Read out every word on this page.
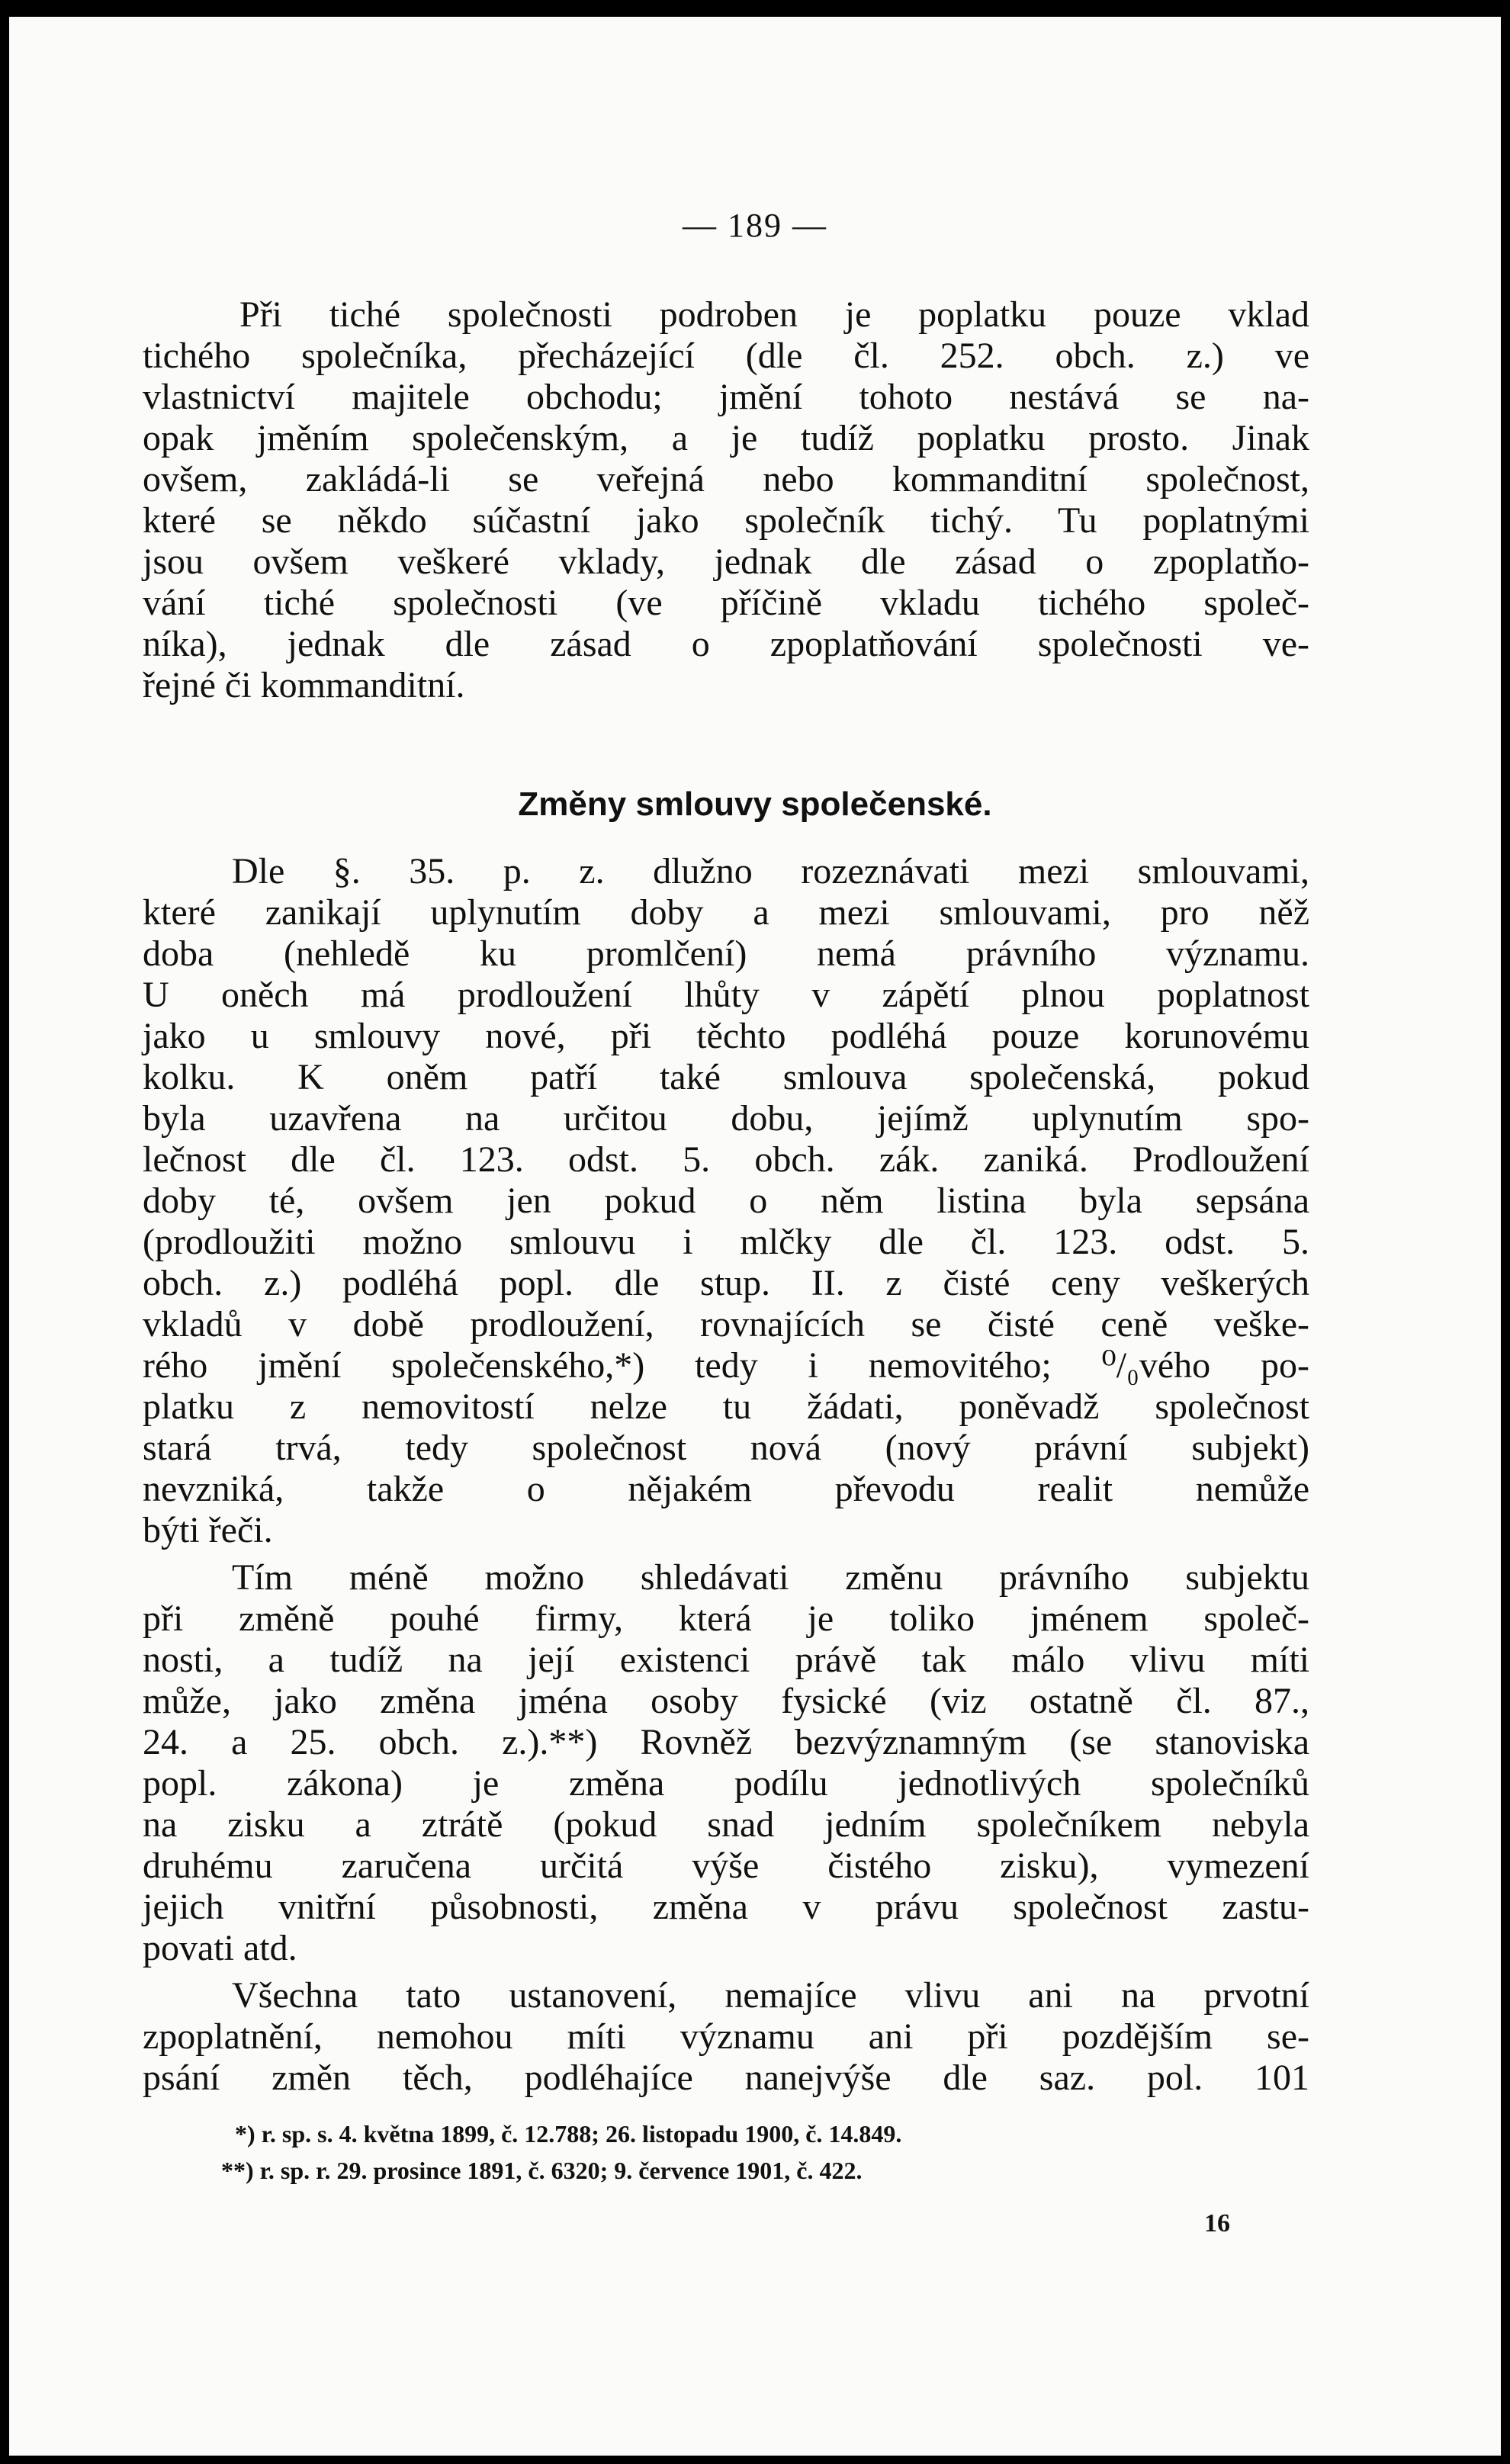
— 189 —
Při tiché společnosti podroben je poplatku pouze vklad
tichého společníka, přecházející (dle čl. 252. obch. z.) ve
vlastnictví majitele obchodu; jmění tohoto nestává se na-
opak jměním společenským, a je tudíž poplatku prosto. Jinak
ovšem, zakládá-li se veřejná nebo kommanditní společnost,
které se někdo súčastní jako společník tichý. Tu poplatnými
jsou ovšem veškeré vklady, jednak dle zásad o zpoplatňo-
vání tiché společnosti (ve příčině vkladu tichého společ-
níka), jednak dle zásad o zpoplatňování společnosti ve-
řejné či kommanditní.
Změny smlouvy společenské.
Dle §. 35. p. z. dlužno rozeznávati mezi smlouvami,
které zanikají uplynutím doby a mezi smlouvami, pro něž
doba (nehledě ku promlčení) nemá právního významu.
U oněch má prodloužení lhůty v zápětí plnou poplatnost
jako u smlouvy nové, při těchto podléhá pouze korunovému
kolku. K oněm patří také smlouva společenská, pokud
byla uzavřena na určitou dobu, jejímž uplynutím spo-
lečnost dle čl. 123. odst. 5. obch. zák. zaniká. Prodloužení
doby té, ovšem jen pokud o něm listina byla sepsána
(prodloužiti možno smlouvu i mlčky dle čl. 123. odst. 5.
obch. z.) podléhá popl. dle stup. II. z čisté ceny veškerých
vkladů v době prodloužení, rovnajících se čisté ceně veške-
rého jmění společenského,*) tedy i nemovitého; ⁰/₀vého po-
platku z nemovitostí nelze tu žádati, poněvadž společnost
stará trvá, tedy společnost nová (nový právní subjekt)
nevzniká, takže o nějakém převodu realit nemůže
býti řeči.
Tím méně možno shledávati změnu právního subjektu
při změně pouhé firmy, která je toliko jménem společ-
nosti, a tudíž na její existenci právě tak málo vlivu míti
může, jako změna jména osoby fysické (viz ostatně čl. 87.,
24. a 25. obch. z.).**) Rovněž bezvýznamným (se stanoviska
popl. zákona) je změna podílu jednotlivých společníků
na zisku a ztrátě (pokud snad jedním společníkem nebyla
druhému zaručena určitá výše čistého zisku), vymezení
jejich vnitřní působnosti, změna v právu společnost zastu-
povati atd.
Všechna tato ustanovení, nemajíce vlivu ani na prvotní
zpoplatnění, nemohou míti významu ani při pozdějším se-
psání změn těch, podléhajíce nanejvýše dle saz. pol. 101
*) r. sp. s. 4. května 1899, č. 12.788; 26. listopadu 1900, č. 14.849.
**) r. sp. r. 29. prosince 1891, č. 6320; 9. července 1901, č. 422.
16
